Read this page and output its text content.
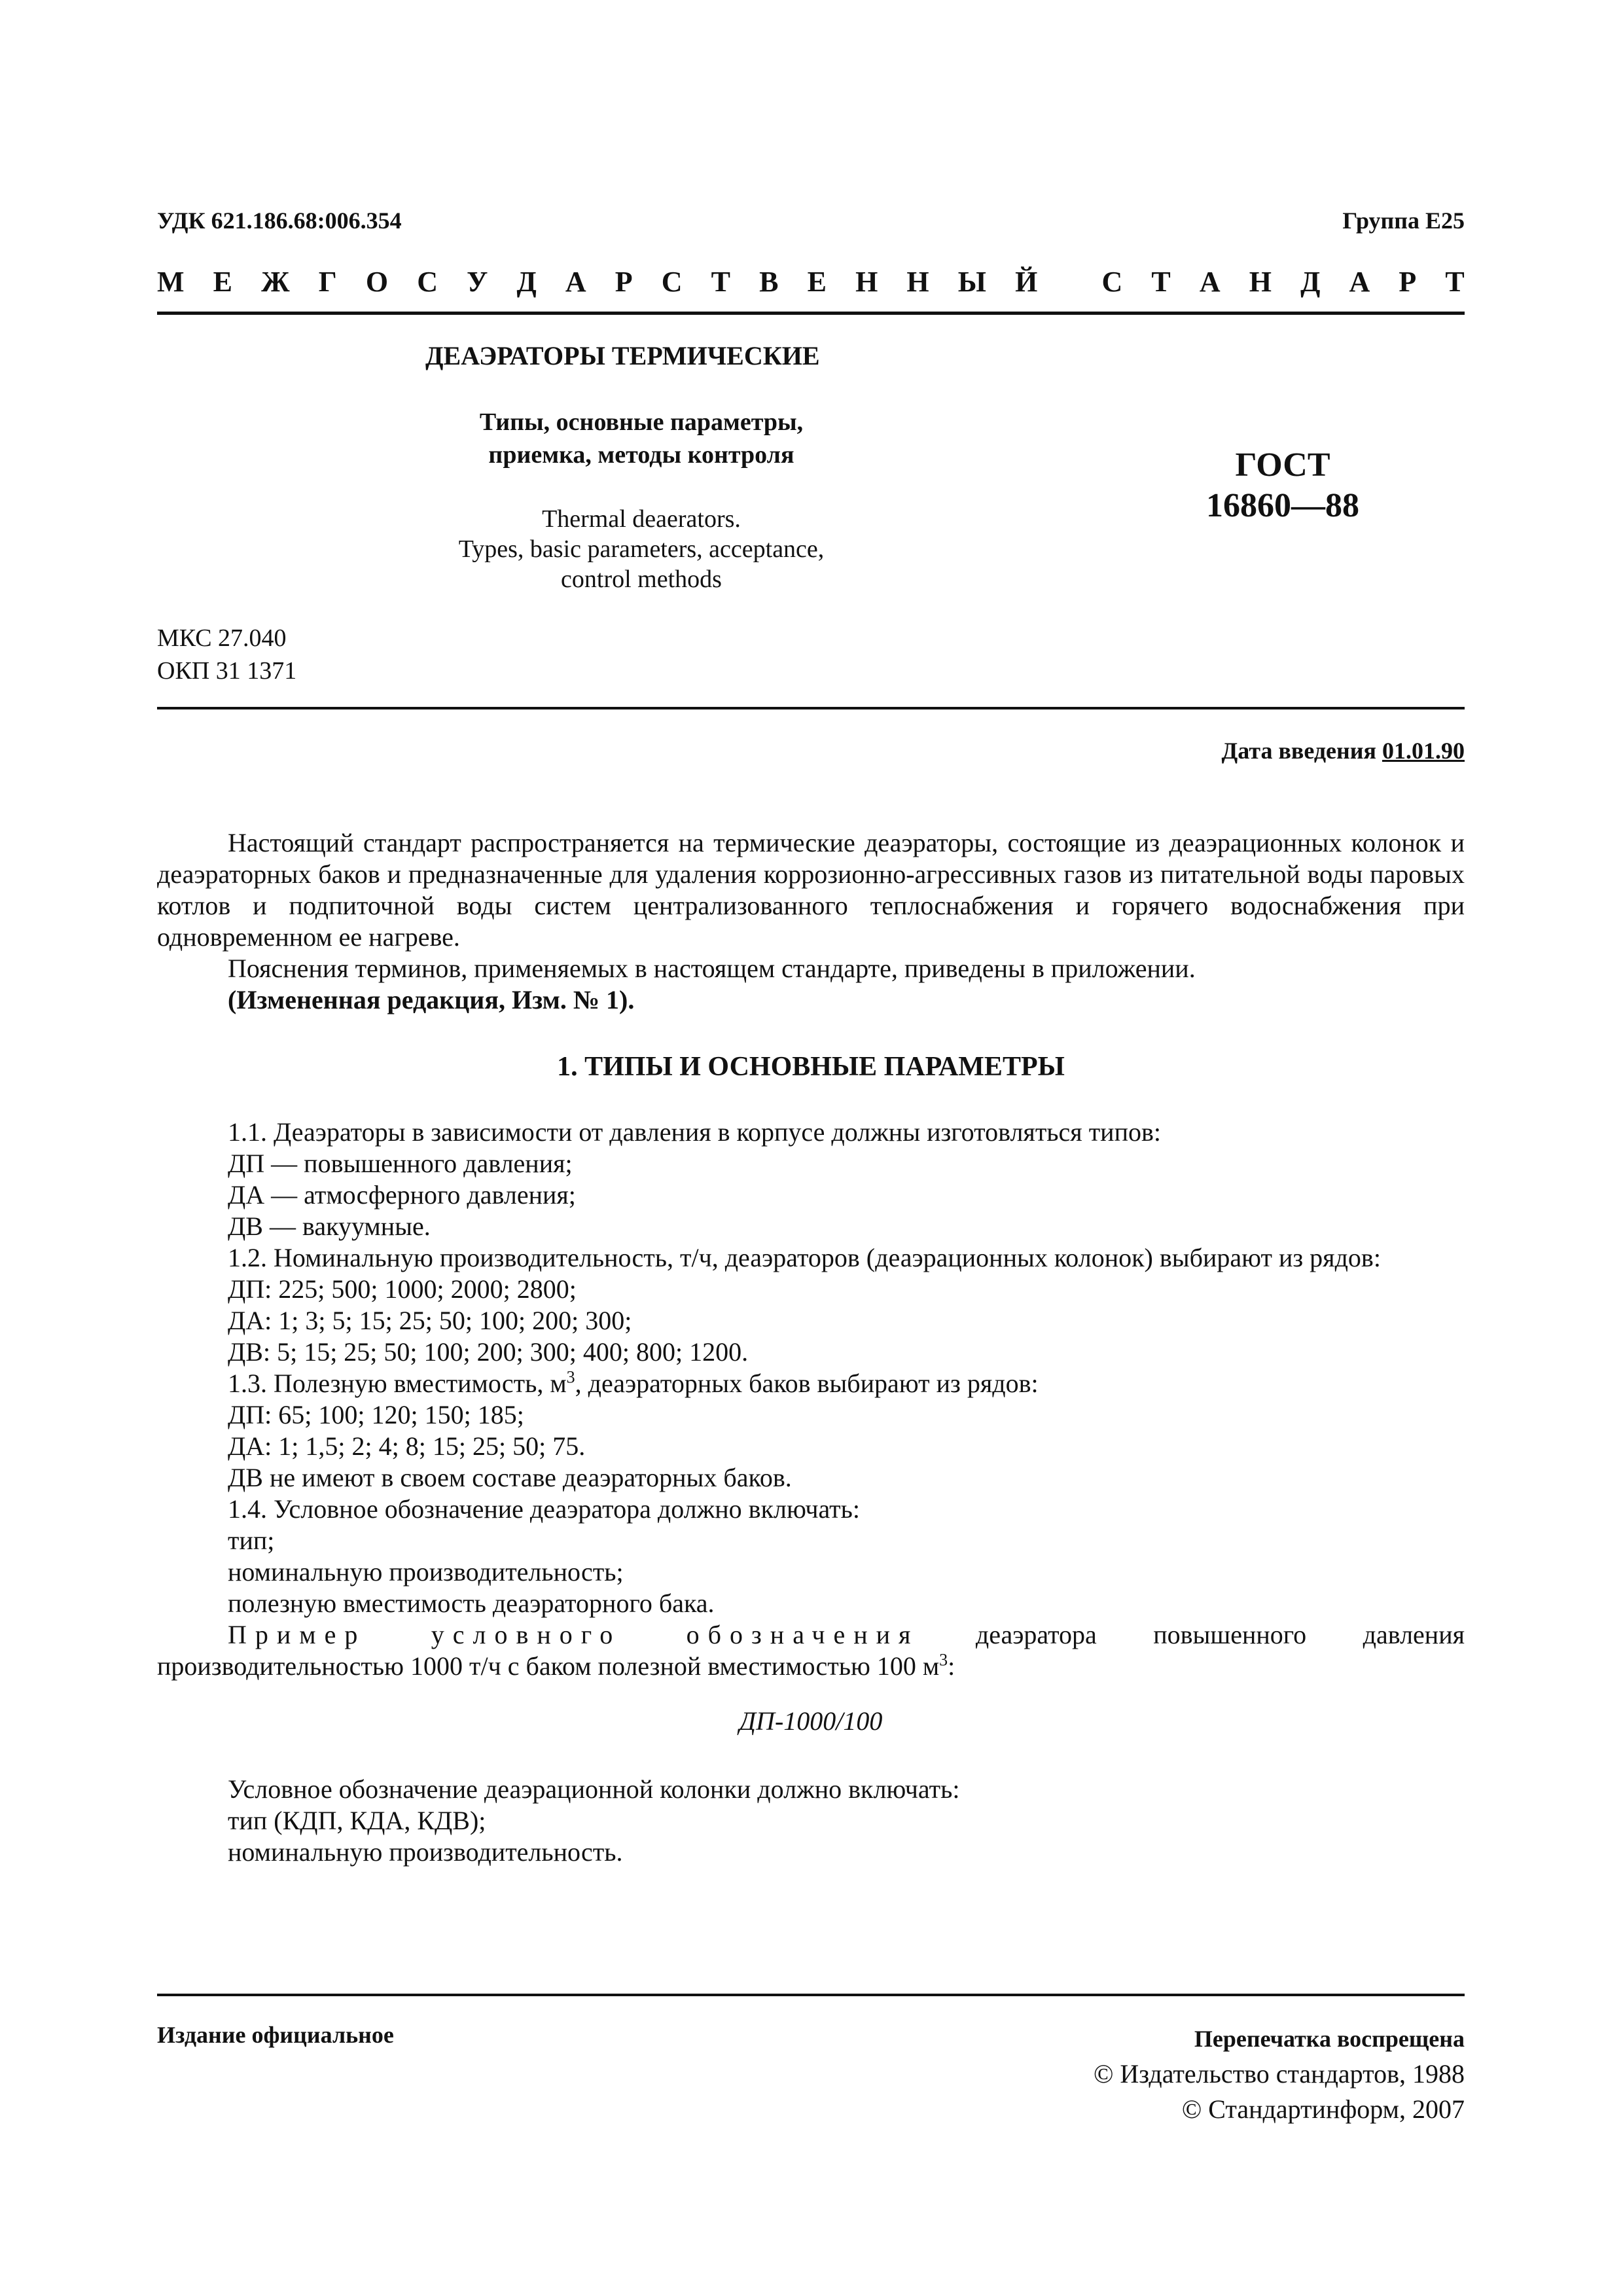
УДК 621.186.68:006.354	Группа Е25
М Е Ж Г О С У Д А Р С Т В Е Н Н Ы Й С Т А Н Д А Р Т
ДЕАЭРАТОРЫ ТЕРМИЧЕСКИЕ
Типы, основные параметры,
приемка, методы контроля
Thermal deaerators.
Types, basic parameters, acceptance,
control methods
ГОСТ
16860—88
МКС 27.040
ОКП 31 1371
Дата введения 01.01.90

Настоящий стандарт распространяется на термические деаэраторы, состоящие из деаэрационных колонок и деаэраторных баков и предназначенные для удаления коррозионно-агрессивных газов из питательной воды паровых котлов и подпиточной воды систем централизованного теплоснабжения и горячего водоснабжения при одновременном ее нагреве.

Пояснения терминов, применяемых в настоящем стандарте, приведены в приложении.

(Измененная редакция, Изм. № 1).

1. ТИПЫ И ОСНОВНЫЕ ПАРАМЕТРЫ

1.1. Деаэраторы в зависимости от давления в корпусе должны изготовляться типов:

ДП — повышенного давления;

ДА — атмосферного давления;

ДВ — вакуумные.

1.2. Номинальную производительность, т/ч, деаэраторов (деаэрационных колонок) выбирают из рядов:

ДП: 225; 500; 1000; 2000; 2800;

ДА: 1; 3; 5; 15; 25; 50; 100; 200; 300;

ДВ: 5; 15; 25; 50; 100; 200; 300; 400; 800; 1200.

1.3. Полезную вместимость, $м^3$, деаэраторных баков выбирают из рядов:

ДП: 65; 100; 120; 150; 185;

ДА: 1; 1,5; 2; 4; 8; 15; 25; 50; 75.

ДВ не имеют в своем составе деаэраторных баков.

1.4. Условное обозначение деаэратора должно включать:

тип;

номинальную производительность;

полезную вместимость деаэраторного бака.

Пример условного обозначения деаэратора повышенного давления производительностью 1000 т/ч с баком полезной вместимостью 100 $м^3$:

ДП-1000/100

Условное обозначение деаэрационной колонки должно включать:

тип (КДП, КДА, КДВ);

номинальную производительность.

Издание официальное	Перепечатка воспрещена
© Издательство стандартов, 1988
© Стандартинформ, 2007
